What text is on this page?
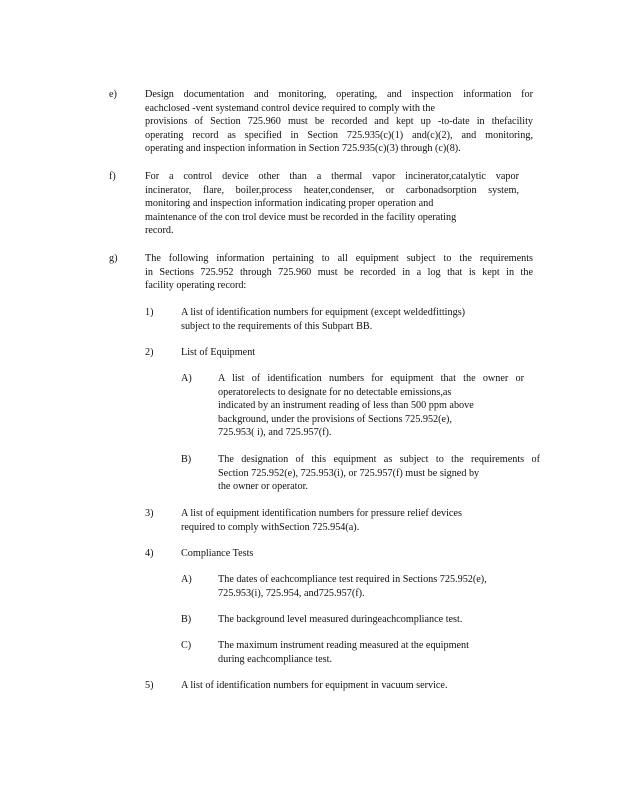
e)	Design documentation and monitoring, operating, and inspection information for
eachclosed -vent systemand control device required to comply with the
provisions of Section 725.960 must be recorded and kept up -to-date in thefacility
operating record as specified in Section 725.935(c)(1) and(c)(2), and monitoring,
operating and inspection information in Section 725.935(c)(3) through (c)(8).
f)	For a control device other than a thermal vapor incinerator,catalytic vapor
incinerator, flare, boiler,process heater,condenser, or carbonadsorption system,
monitoring and inspection information indicating proper operation and
maintenance of the con trol device must be recorded in the facility operating
record.
g)	The following information pertaining to all equipment subject to the requirements
in Sections 725.952 through 725.960 must be recorded in a log that is kept in the
facility operating record:
1)	A list of identification numbers for equipment (except weldedfittings)
subject to the requirements of this Subpart BB.
2)	List of Equipment
A)	A list of identification numbers for equipment that the owner or
operatorelects to designate for no detectable emissions,as
indicated by an instrument reading of less than 500 ppm above
background, under the provisions of Sections 725.952(e),
725.953( i), and 725.957(f).
B)	The designation of this equipment as subject to the requirements of
Section 725.952(e), 725.953(i), or 725.957(f) must be signed by
the owner or operator.
3)	A list of equipment identification numbers for pressure relief devices
required to comply withSection 725.954(a).
4)	Compliance Tests
A)	The dates of eachcompliance test required in Sections 725.952(e),
725.953(i), 725.954, and725.957(f).
B)	The background level measured duringeachcompliance test.
C)	The maximum instrument reading measured at the equipment
during eachcompliance test.
5)	A list of identification numbers for equipment in vacuum service.
